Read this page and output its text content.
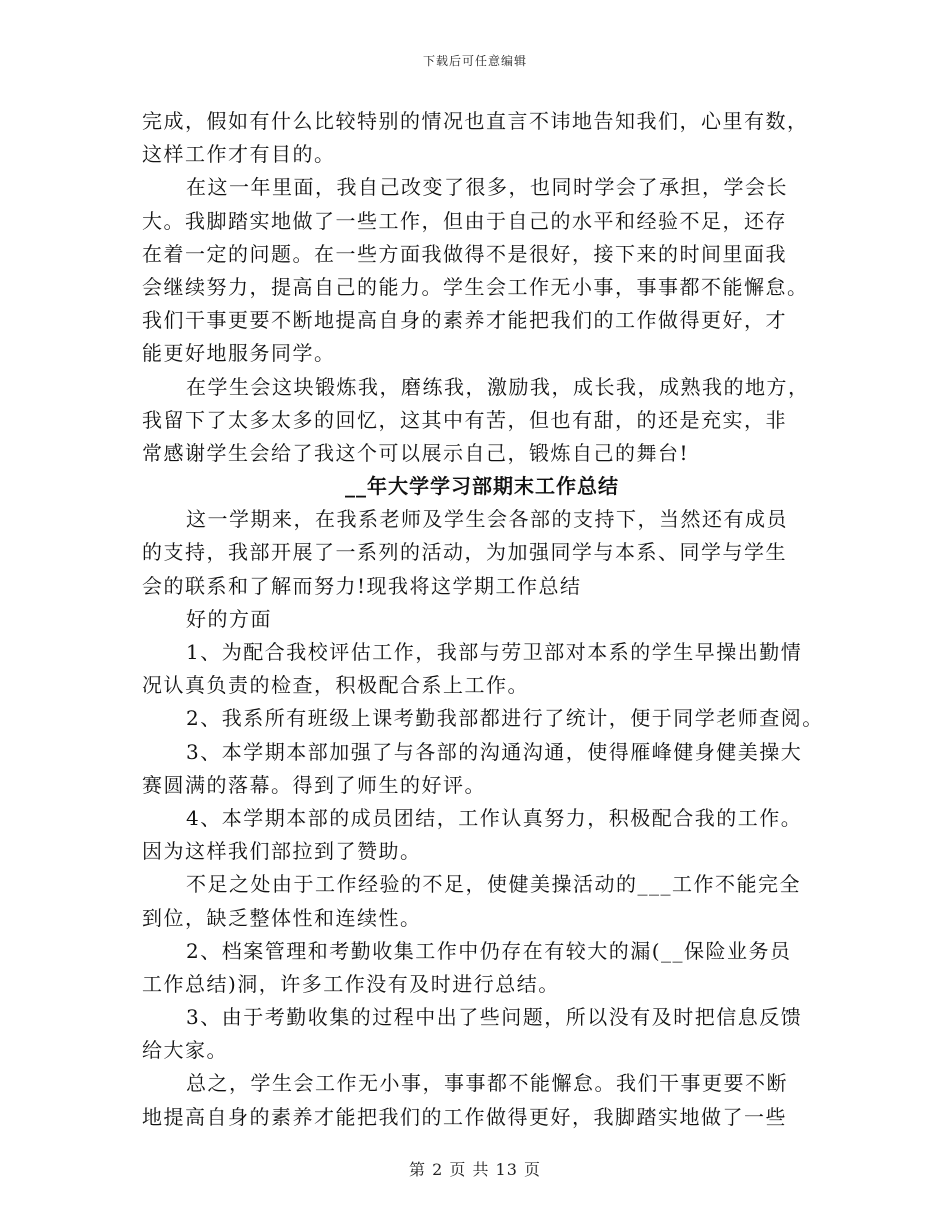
下载后可任意编辑
完成，假如有什么比较特别的情况也直言不讳地告知我们，心里有数，
这样工作才有目的。
在这一年里面，我自己改变了很多，也同时学会了承担，学会长
大。我脚踏实地做了一些工作，但由于自己的水平和经验不足，还存
在着一定的问题。在一些方面我做得不是很好，接下来的时间里面我
会继续努力，提高自己的能力。学生会工作无小事，事事都不能懈怠。
我们干事更要不断地提高自身的素养才能把我们的工作做得更好，才
能更好地服务同学。
在学生会这块锻炼我，磨练我，激励我，成长我，成熟我的地方，
我留下了太多太多的回忆，这其中有苦，但也有甜，的还是充实，非
常感谢学生会给了我这个可以展示自己，锻炼自己的舞台!
__年大学学习部期末工作总结
这一学期来，在我系老师及学生会各部的支持下，当然还有成员
的支持，我部开展了一系列的活动，为加强同学与本系、同学与学生
会的联系和了解而努力!现我将这学期工作总结
好的方面
1、为配合我校评估工作，我部与劳卫部对本系的学生早操出勤情
况认真负责的检查，积极配合系上工作。
2、我系所有班级上课考勤我部都进行了统计，便于同学老师查阅。
3、本学期本部加强了与各部的沟通沟通，使得雁峰健身健美操大
赛圆满的落幕。得到了师生的好评。
4、本学期本部的成员团结，工作认真努力，积极配合我的工作。
因为这样我们部拉到了赞助。
不足之处由于工作经验的不足，使健美操活动的___工作不能完全
到位，缺乏整体性和连续性。
2、档案管理和考勤收集工作中仍存在有较大的漏(__保险业务员
工作总结)洞，许多工作没有及时进行总结。
3、由于考勤收集的过程中出了些问题，所以没有及时把信息反馈
给大家。
总之，学生会工作无小事，事事都不能懈怠。我们干事更要不断
地提高自身的素养才能把我们的工作做得更好，我脚踏实地做了一些
第 2 页 共 13 页
